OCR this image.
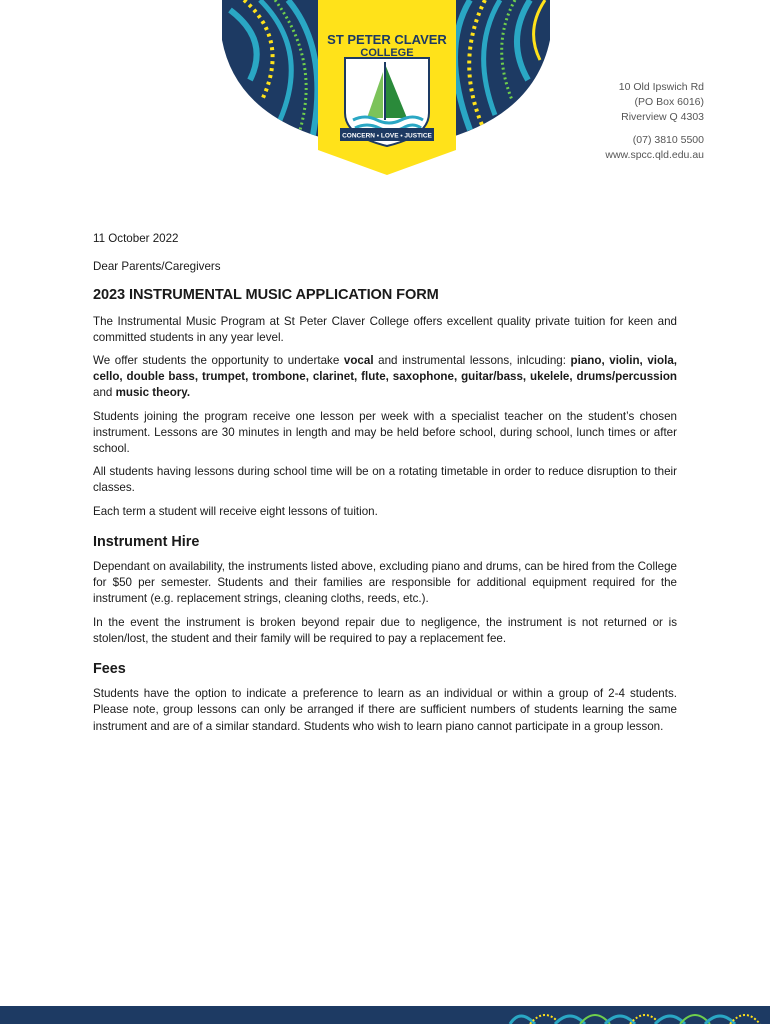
ST PETER CLAVER
COLLEGE
CONCERN • LOVE • JUSTICE
10 Old Ipswich Rd
(PO Box 6016)
Riverview Q 4303
(07) 3810 5500
www.spcc.qld.edu.au

11 October 2022

Dear Parents/Caregivers

2023 INSTRUMENTAL MUSIC APPLICATION FORM

The Instrumental Music Program at St Peter Claver College offers excellent quality private tuition for keen and committed students in any year level.

We offer students the opportunity to undertake vocal and instrumental lessons, inlcuding: piano, violin, viola, cello, double bass, trumpet, trombone, clarinet, flute, saxophone, guitar/bass, ukelele, drums/percussion and music theory.

Students joining the program receive one lesson per week with a specialist teacher on the student’s chosen instrument. Lessons are 30 minutes in length and may be held before school, during school, lunch times or after school.

All students having lessons during school time will be on a rotating timetable in order to reduce disruption to their classes.

Each term a student will receive eight lessons of tuition.

Instrument Hire

Dependant on availability, the instruments listed above, excluding piano and drums, can be hired from the College for $50 per semester. Students and their families are responsible for additional equipment required for the instrument (e.g. replacement strings, cleaning cloths, reeds, etc.).

In the event the instrument is broken beyond repair due to negligence, the instrument is not returned or is stolen/lost, the student and their family will be required to pay a replacement fee.

Fees

Students have the option to indicate a preference to learn as an individual or within a group of 2-4 students. Please note, group lessons can only be arranged if there are sufficient numbers of students learning the same instrument and are of a similar standard. Students who wish to learn piano cannot participate in a group lesson.
